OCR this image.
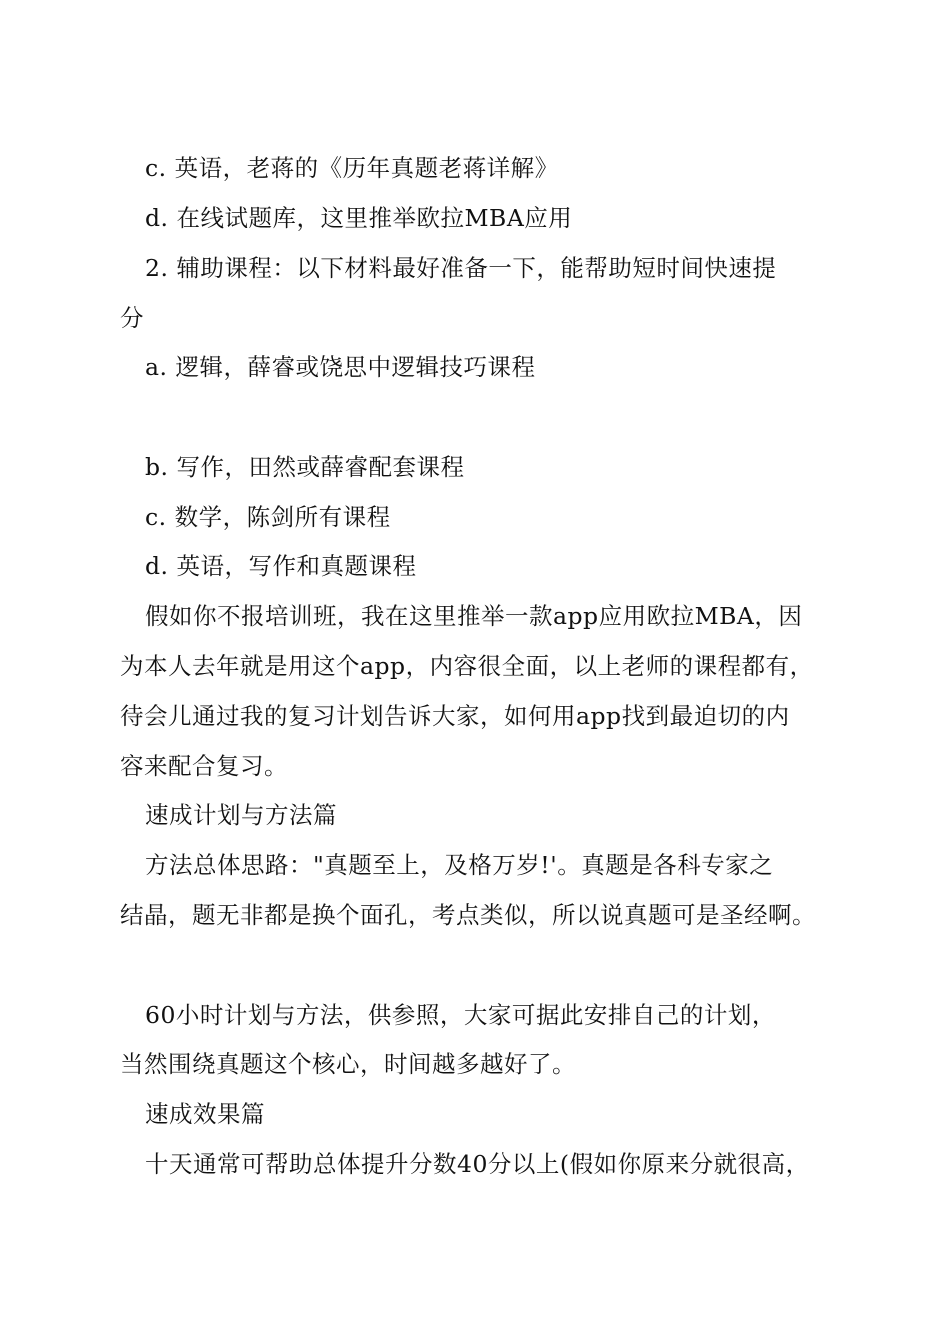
c. 英语，老蒋的《历年真题老蒋详解》
d. 在线试题库，这里推举欧拉MBA应用
2. 辅助课程：以下材料最好准备一下，能帮助短时间快速提
分
a. 逻辑，薛睿或饶思中逻辑技巧课程
b. 写作，田然或薛睿配套课程
c. 数学，陈剑所有课程
d. 英语，写作和真题课程
假如你不报培训班，我在这里推举一款app应用欧拉MBA，因
为本人去年就是用这个app，内容很全面，以上老师的课程都有，
待会儿通过我的复习计划告诉大家，如何用app找到最迫切的内
容来配合复习。
速成计划与方法篇
方法总体思路："真题至上，及格万岁!'。真题是各科专家之
结晶，题无非都是换个面孔，考点类似，所以说真题可是圣经啊。
60小时计划与方法，供参照，大家可据此安排自己的计划，
当然围绕真题这个核心，时间越多越好了。
速成效果篇
十天通常可帮助总体提升分数40分以上(假如你原来分就很高，
